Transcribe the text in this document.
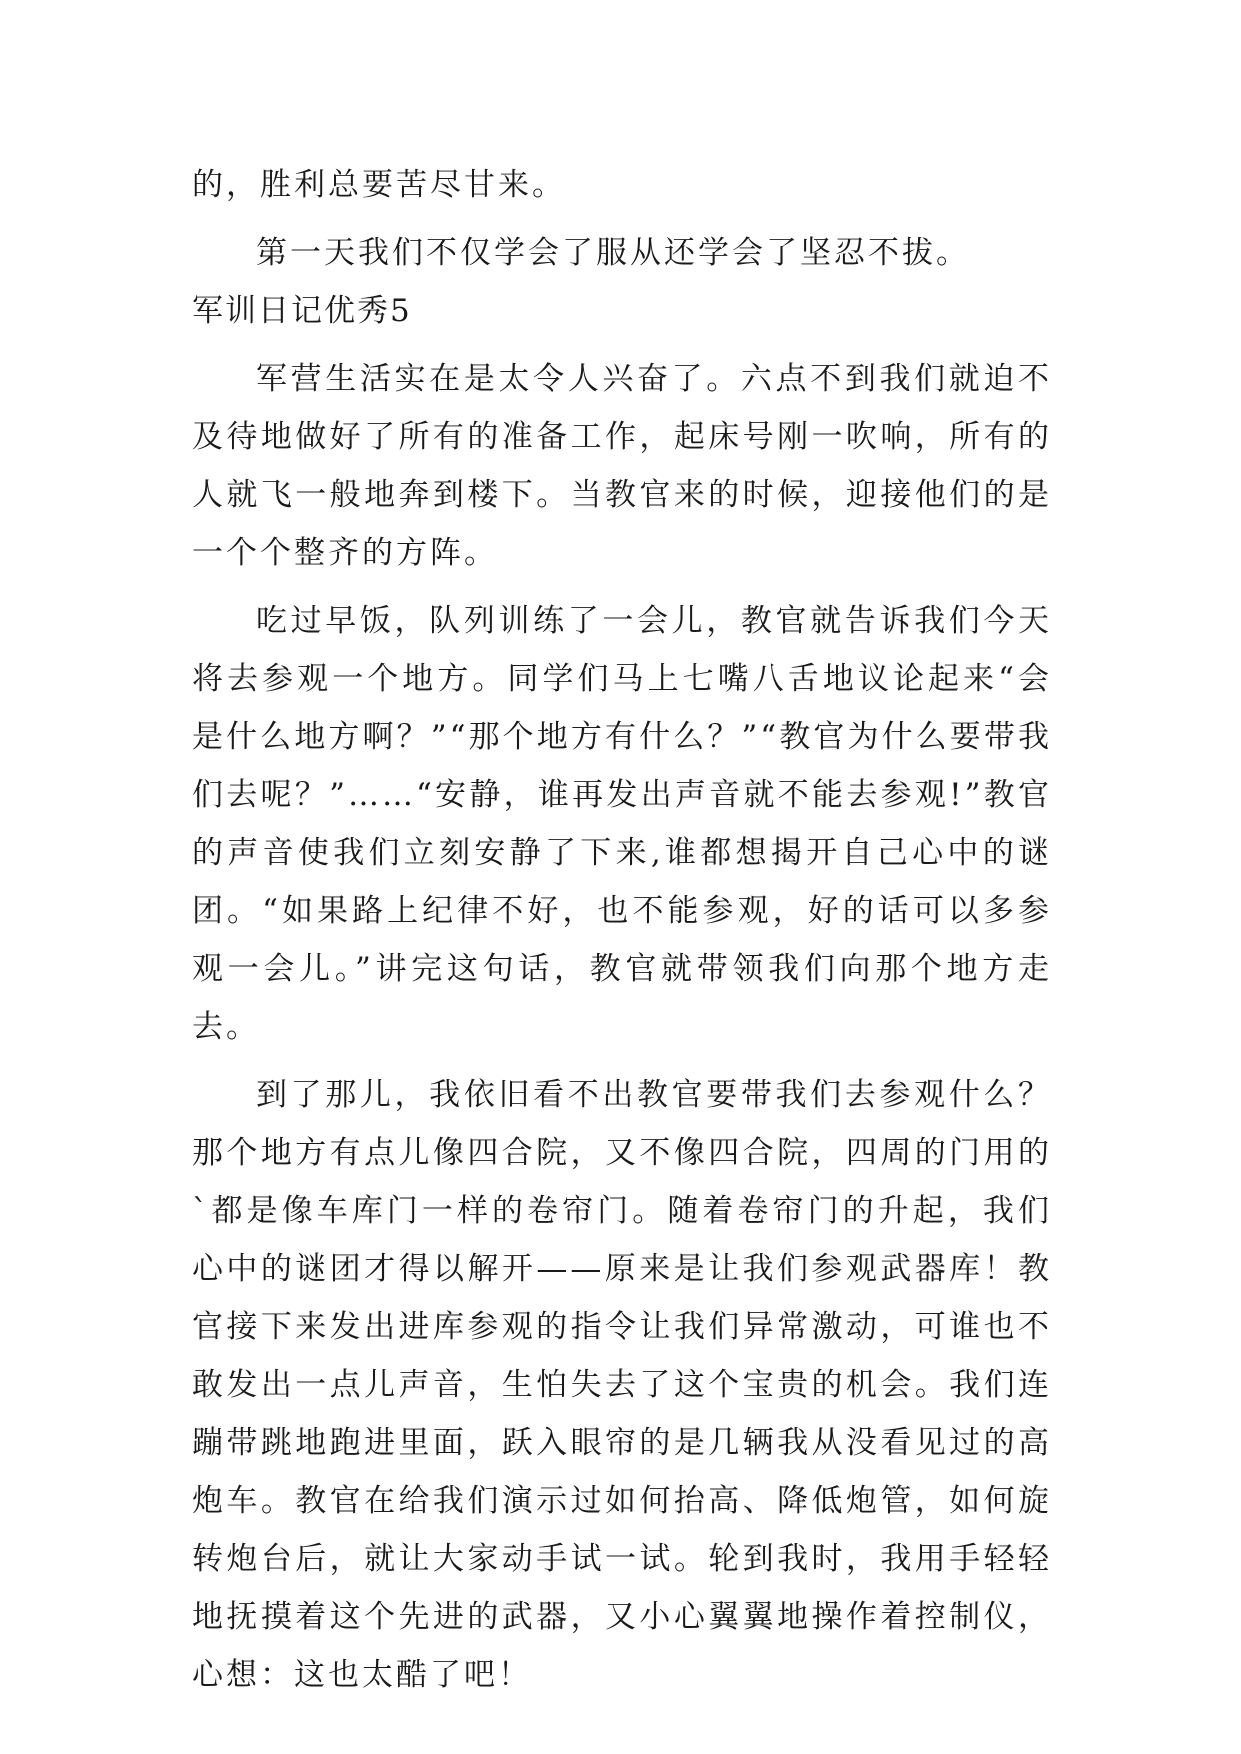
的，胜利总要苦尽甘来。

第一天我们不仅学会了服从还学会了坚忍不拔。

军训日记优秀5

军营生活实在是太令人兴奋了。六点不到我们就迫不及待地做好了所有的准备工作，起床号刚一吹响，所有的人就飞一般地奔到楼下。当教官来的时候，迎接他们的是一个个整齐的方阵。

吃过早饭，队列训练了一会儿，教官就告诉我们今天将去参观一个地方。同学们马上七嘴八舌地议论起来“会是什么地方啊？”“那个地方有什么？”“教官为什么要带我们去呢？”……“安静，谁再发出声音就不能去参观!”教官的声音使我们立刻安静了下来,谁都想揭开自己心中的谜团。“如果路上纪律不好，也不能参观，好的话可以多参观一会儿。”讲完这句话，教官就带领我们向那个地方走去。

到了那儿，我依旧看不出教官要带我们去参观什么？那个地方有点儿像四合院，又不像四合院，四周的门用的`都是像车库门一样的卷帘门。随着卷帘门的升起，我们心中的谜团才得以解开——原来是让我们参观武器库！教官接下来发出进库参观的指令让我们异常激动，可谁也不敢发出一点儿声音，生怕失去了这个宝贵的机会。我们连蹦带跳地跑进里面，跃入眼帘的是几辆我从没看见过的高炮车。教官在给我们演示过如何抬高、降低炮管，如何旋转炮台后，就让大家动手试一试。轮到我时，我用手轻轻地抚摸着这个先进的武器，又小心翼翼地操作着控制仪，心想：这也太酷了吧！
